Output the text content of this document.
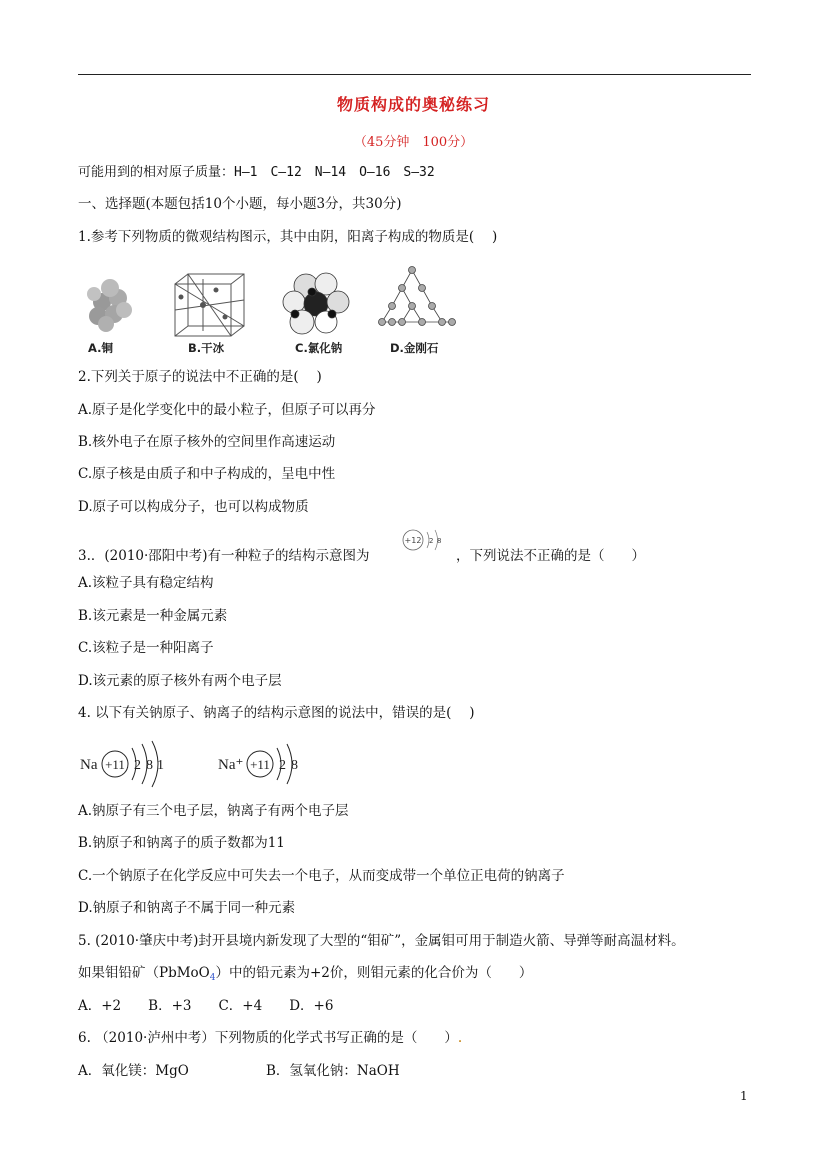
物质构成的奥秘练习
（45分钟　100分）
可能用到的相对原子质量：H—1　C—12　N—14　O—16　S—32
一、选择题(本题包括10个小题，每小题3分，共30分)
1.参考下列物质的微观结构图示，其中由阴，阳离子构成的物质是(　 )
A.铜	B.干冰	C.氯化钠	D.金刚石
2.下列关于原子的说法中不正确的是(　 )
A.原子是化学变化中的最小粒子，但原子可以再分
B.核外电子在原子核外的空间里作高速运动
C.原子核是由质子和中子构成的，呈电中性
D.原子可以构成分子，也可以构成物质
3.．(2010·邵阳中考)有一种粒子的结构示意图为
+12 2 8
，下列说法不正确的是（　　）
A.该粒子具有稳定结构
B.该元素是一种金属元素
C.该粒子是一种阳离子
D.该元素的原子核外有两个电子层
4. 以下有关钠原子、钠离子的结构示意图的说法中，错误的是(　 )
Na +11 2 8 1	Na⁺ +11 2 8
A.钠原子有三个电子层，钠离子有两个电子层
B.钠原子和钠离子的质子数都为11
C.一个钠原子在化学反应中可失去一个电子，从而变成带一个单位正电荷的钠离子
D.钠原子和钠离子不属于同一种元素
5. (2010·肇庆中考)封开县境内新发现了大型的“钼矿”，金属钼可用于制造火箭、导弹等耐高温材料。
如果钼铅矿（PbMoO$_4$）中的铅元素为+2价，则钼元素的化合价为（　　）
A．+2　　B．+3　　C．+4　　D．+6
6. （2010·泸州中考）下列物质的化学式书写正确的是（　　）.
A．氧化镁：MgO	B．氢氧化钠：NaOH
1
